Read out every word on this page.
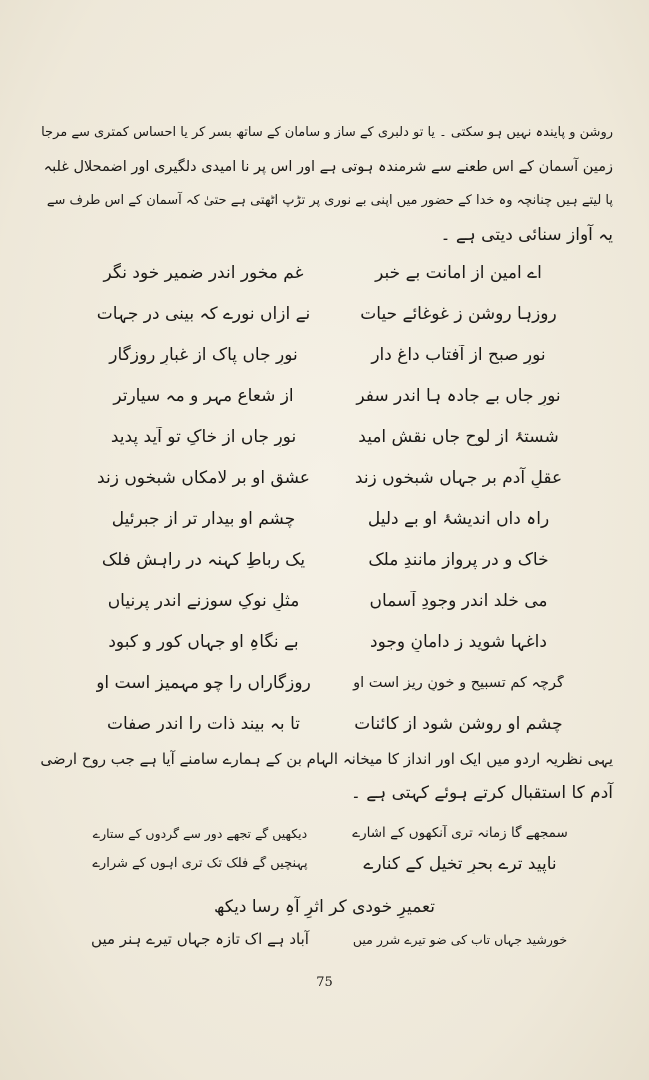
روشن و پایندہ نہیں ہو سکتی ۔ یا تو دلبری کے ساز و سامان کے ساتھ بسر کر یا احساس کمتری سے مرجا
زمین آسمان کے اس طعنے سے شرمندہ ہوتی ہے اور اس پر نا امیدی دلگیری اور اضمحلال غلبہ
پا لیتے ہیں چنانچہ وہ خدا کے حضور میں اپنی بے نوری پر تڑپ اٹھتی ہے حتیٰ کہ آسمان کے اس طرف سے
یہ آواز سنائی دیتی ہے ۔
اے امینِ از امانت بے خبر
غم مخور اندر ضمیر خود نگر
روزہا روشن ز غوغائے حیات
نے ازاں نورے کہ بینی در جہات
نورِ صبح از آفتاب داغ دار
نورِ جاں پاک از غبارِ روزگار
نورِ جاں بے جادہ ہا اندر سفر
از شعاعِ مہر و مہ سیارتر
شستۂ از لوحِ جاں نقشِ امید
نورِ جاں از خاکِ تو آید پدید
عقلِ آدم بر جہاں شبخوں زند
عشقِ او بر لامکاں شبخوں زند
راہ داں اندیشۂ او بے دلیل
چشمِ او بیدار تر از جبرئیل
خاک و در پرواز مانندِ ملک
یک رباطِ کہنہ در راہش فلک
می خلد اندر وجودِ آسماں
مثلِ نوکِ سوزنے اندر پرنیاں
داغہا شوید ز دامانِ وجود
بے نگاہِ او جہاں کور و کبود
گرچہ کم تسبیح و خونِ ریز است او
روزگاراں را چو مہمیز است او
چشم او روشن شود از کائنات
تا بہ بیند ذات را اندر صفات
یہی نظریہ اردو میں ایک اور انداز کا میخانہ الہام بن کے ہمارے سامنے آیا ہے جب روح ارضی
آدم کا استقبال کرتے ہوئے کہتی ہے ۔
سمجھے گا زمانہ تری آنکھوں کے اشارے
دیکھیں گے تجھے دور سے گردوں کے ستارے
ناپید ترے بحرِ تخیل کے کنارے
پہنچیں گے فلک تک تری آہوں کے شرارے
تعمیرِ خودی کر اثرِ آہِ رسا دیکھ
خورشید جہاں تاب کی ضو تیرے شرر میں
آباد ہے اک تازہ جہاں تیرے ہنر میں
75
